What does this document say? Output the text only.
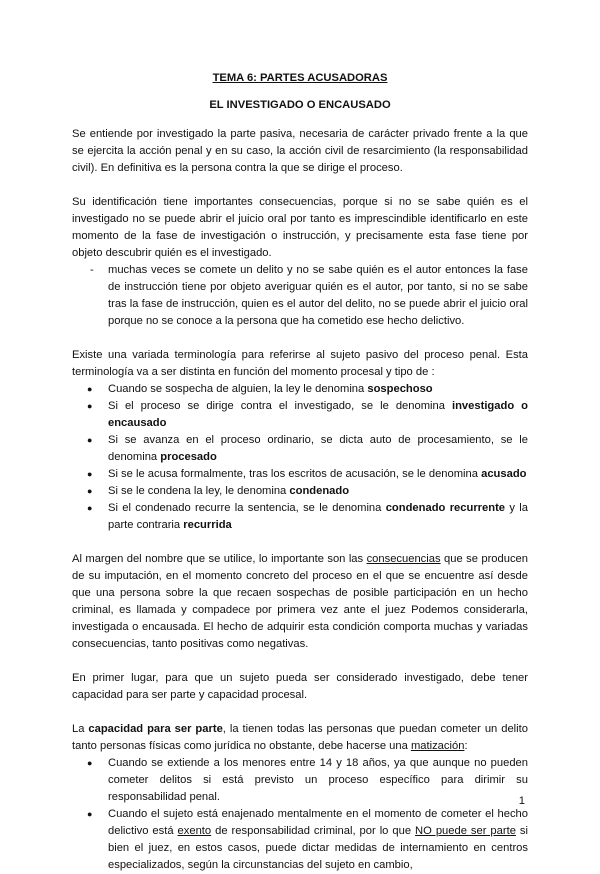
TEMA 6: PARTES ACUSADORAS
EL INVESTIGADO O ENCAUSADO

Se entiende por investigado la parte pasiva, necesaria de carácter privado frente a la que se ejercita la acción penal y en su caso, la acción civil de resarcimiento (la responsabilidad civil). En definitiva es la persona contra la que se dirige el proceso.

Su identificación tiene importantes consecuencias, porque si no se sabe quién es el investigado no se puede abrir el juicio oral por tanto es imprescindible identificarlo en este momento de la fase de investigación o instrucción, y precisamente esta fase tiene por objeto descubrir quién es el investigado.

- muchas veces se comete un delito y no se sabe quién es el autor entonces la fase de instrucción tiene por objeto averiguar quién es el autor, por tanto, si no se sabe tras la fase de instrucción, quien es el autor del delito, no se puede abrir el juicio oral porque no se conoce a la persona que ha cometido ese hecho delictivo.

Existe una variada terminología para referirse al sujeto pasivo del proceso penal. Esta terminología va a ser distinta en función del momento procesal y tipo de :

● Cuando se sospecha de alguien, la ley le denomina sospechoso
● Si el proceso se dirige contra el investigado, se le denomina investigado o encausado
● Si se avanza en el proceso ordinario, se dicta auto de procesamiento, se le denomina procesado
● Si se le acusa formalmente, tras los escritos de acusación, se le denomina acusado
● Si se le condena la ley, le denomina condenado
● Si el condenado recurre la sentencia, se le denomina condenado recurrente y la parte contraria recurrida

Al margen del nombre que se utilice, lo importante son las consecuencias que se producen de su imputación, en el momento concreto del proceso en el que se encuentre así desde que una persona sobre la que recaen sospechas de posible participación en un hecho criminal, es llamada y compadece por primera vez ante el juez Podemos considerarla, investigada o encausada. El hecho de adquirir esta condición comporta muchas y variadas consecuencias, tanto positivas como negativas.

En primer lugar, para que un sujeto pueda ser considerado investigado, debe tener capacidad para ser parte y capacidad procesal.

La capacidad para ser parte, la tienen todas las personas que puedan cometer un delito tanto personas físicas como jurídica no obstante, debe hacerse una matización:

● Cuando se extiende a los menores entre 14 y 18 años, ya que aunque no pueden cometer delitos si está previsto un proceso específico para dirimir su responsabilidad penal.
● Cuando el sujeto está enajenado mentalmente en el momento de cometer el hecho delictivo está exento de responsabilidad criminal, por lo que NO puede ser parte si bien el juez, en estos casos, puede dictar medidas de internamiento en centros especializados, según la circunstancias del sujeto en cambio,
1
